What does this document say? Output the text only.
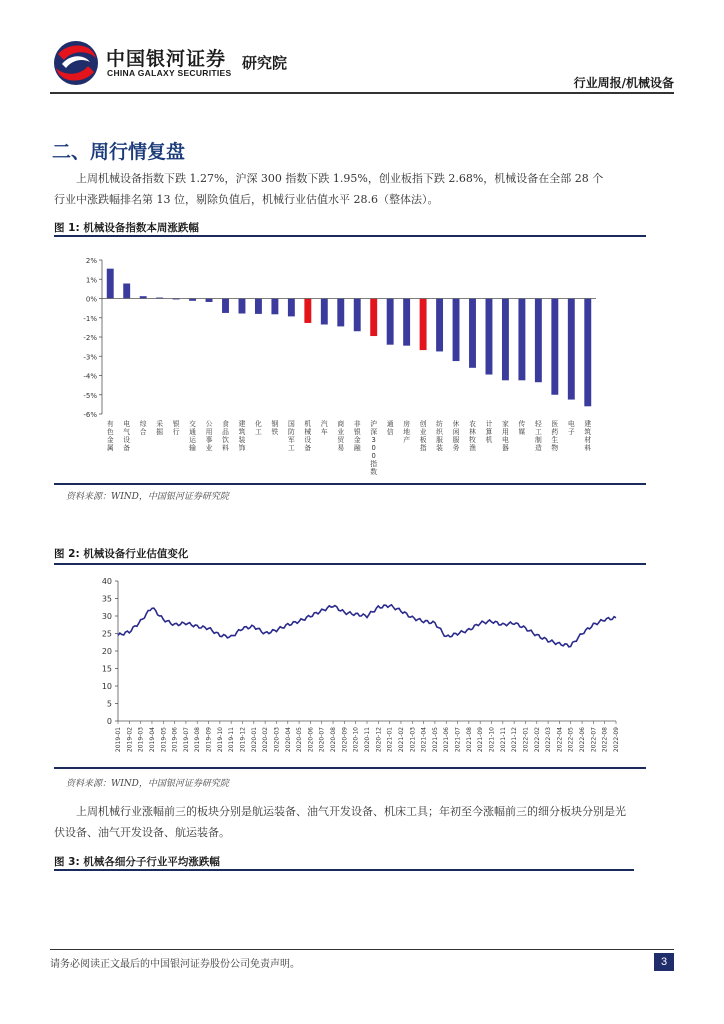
中国银河证券
CHINA GALAXY SECURITIES
研究院
行业周报/机械设备
二、周行情复盘
上周机械设备指数下跌 1.27%，沪深 300 指数下跌 1.95%，创业板指下跌 2.68%，机械设备在全部 28 个行业中涨跌幅排名第 13 位，剔除负值后，机械行业估值水平 28.6（整体法）。
图 1: 机械设备指数本周涨跌幅
2%
1%
0%
-1%
-2%
-3%
-4%
-5%
-6%
有色金属
电气设备
综合
采掘
银行
交通运输
公用事业
食品饮料
建筑装饰
化工
钢铁
国防军工
机械设备
汽车
商业贸易
非银金融
沪深 3 0 0 指数
通信
房地产
创业板指
纺织服装
休闲服务
农林牧渔
计算机
家用电器
传媒
轻工制造
医药生物
电子
建筑材料
资料来源：WIND，中国银河证券研究院
图 2: 机械设备行业估值变化
40
35
30
25
20
15
10
5
0
2019-01 2019-02 2019-03 2019-04 2019-05 2019-06 2019-07 2019-08 2019-09 2019-10 2019-11 2019-12 2020-01 2020-02 2020-03 2020-04 2020-05 2020-06 2020-07 2020-08 2020-09 2020-10 2020-11 2020-12 2021-01 2021-02 2021-03 2021-04 2021-05 2021-06 2021-07 2021-08 2021-09 2021-10 2021-11 2021-12 2022-01 2022-02 2022-03 2022-04 2022-05 2022-06 2022-07 2022-08 2022-09
资料来源：WIND，中国银河证券研究院
上周机械行业涨幅前三的板块分别是航运装备、油气开发设备、机床工具；年初至今涨幅前三的细分板块分别是光伏设备、油气开发设备、航运装备。
图 3: 机械各细分子行业平均涨跌幅
请务必阅读正文最后的中国银河证券股份公司免责声明。	3
